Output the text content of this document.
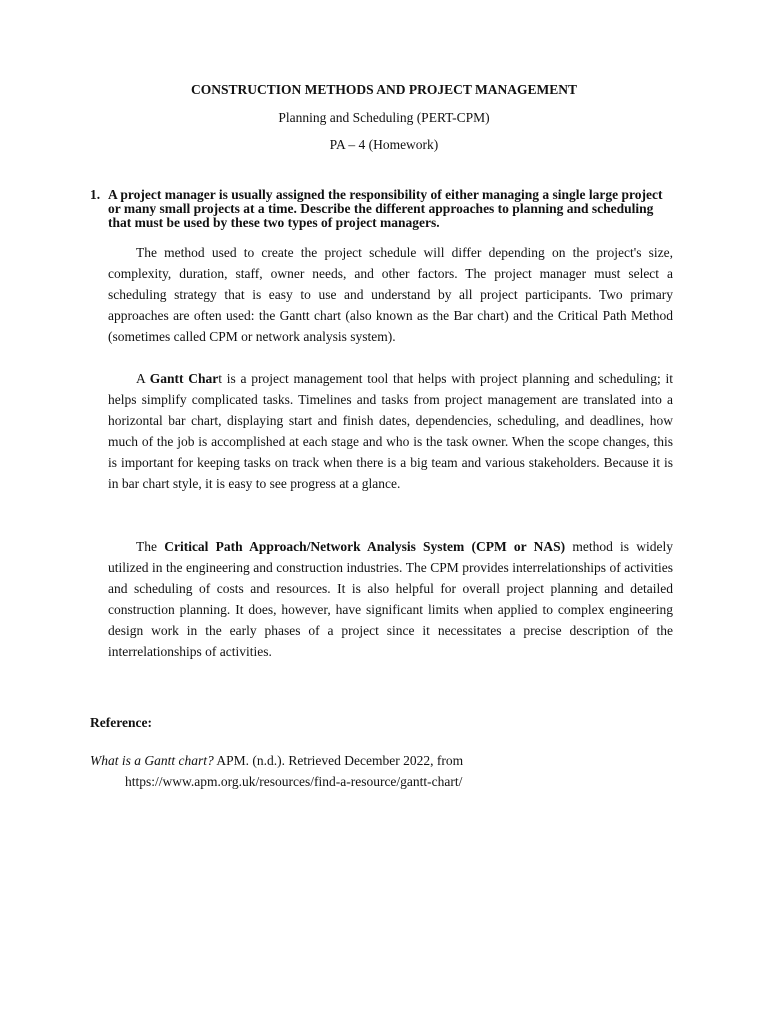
CONSTRUCTION METHODS AND PROJECT MANAGEMENT
Planning and Scheduling (PERT-CPM)
PA – 4 (Homework)
1. A project manager is usually assigned the responsibility of either managing a single large project or many small projects at a time. Describe the different approaches to planning and scheduling that must be used by these two types of project managers.
The method used to create the project schedule will differ depending on the project's size, complexity, duration, staff, owner needs, and other factors. The project manager must select a scheduling strategy that is easy to use and understand by all project participants. Two primary approaches are often used: the Gantt chart (also known as the Bar chart) and the Critical Path Method (sometimes called CPM or network analysis system).
A Gantt Chart is a project management tool that helps with project planning and scheduling; it helps simplify complicated tasks. Timelines and tasks from project management are translated into a horizontal bar chart, displaying start and finish dates, dependencies, scheduling, and deadlines, how much of the job is accomplished at each stage and who is the task owner. When the scope changes, this is important for keeping tasks on track when there is a big team and various stakeholders. Because it is in bar chart style, it is easy to see progress at a glance.
The Critical Path Approach/Network Analysis System (CPM or NAS) method is widely utilized in the engineering and construction industries. The CPM provides interrelationships of activities and scheduling of costs and resources. It is also helpful for overall project planning and detailed construction planning. It does, however, have significant limits when applied to complex engineering design work in the early phases of a project since it necessitates a precise description of the interrelationships of activities.
Reference:
What is a Gantt chart? APM. (n.d.). Retrieved December 2022, from
https://www.apm.org.uk/resources/find-a-resource/gantt-chart/
